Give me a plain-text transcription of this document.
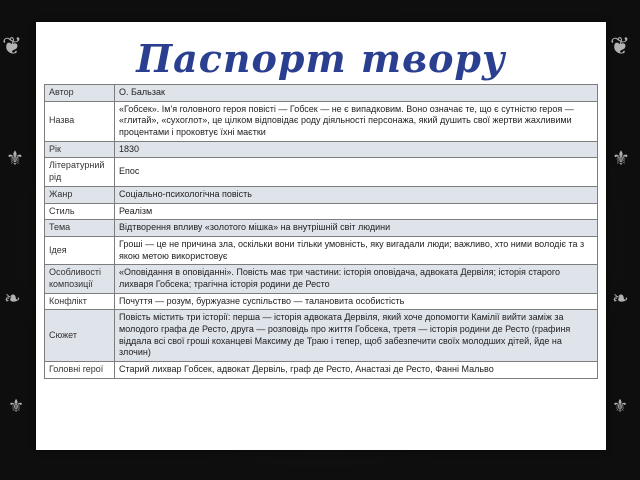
❦
⚜
❧
⚜
❦
⚜
❧
⚜
Паспорт твору
Автор	О. Бальзак
Назва	«Гобсек». Ім'я головного героя повісті — Гобсек — не є випадковим. Воно означає те, що є сутністю героя — «глитай», «сухоглот», це цілком відповідає роду діяльності персонажа, який душить свої жертви жахливими процентами і проковтує їхні маєтки
Рік	1830
Літературний рід	Епос
Жанр	Соціально-психологічна повість
Стиль	Реалізм
Тема	Відтворення впливу «золотого мішка» на внутрішній світ людини
Ідея	Гроші — це не причина зла, оскільки вони тільки умовність, яку вигадали люди; важливо, хто ними володіє та з якою метою використовує
Особливості композиції	«Оповідання в оповіданні». Повість має три частини: історія оповідача, адвоката Дервіля; історія старого лихваря Гобсека; трагічна історія родини де Ресто
Конфлікт	Почуття — розум, буржуазне суспільство — талановита особистість
Сюжет	Повість містить три історії: перша — історія адвоката Дервіля, який хоче допомогти Камілії вийти заміж за молодого графа де Ресто, друга — розповідь про життя Гобсека, третя — історія родини де Ресто (графиня віддала всі свої гроші коханцеві Максиму де Траю і тепер, щоб забезпечити своїх молодших дітей, йде на злочин)
Головні герої	Старий лихвар Гобсек, адвокат Дервіль, граф де Ресто, Анастазі де Ресто, Фанні Мальво
